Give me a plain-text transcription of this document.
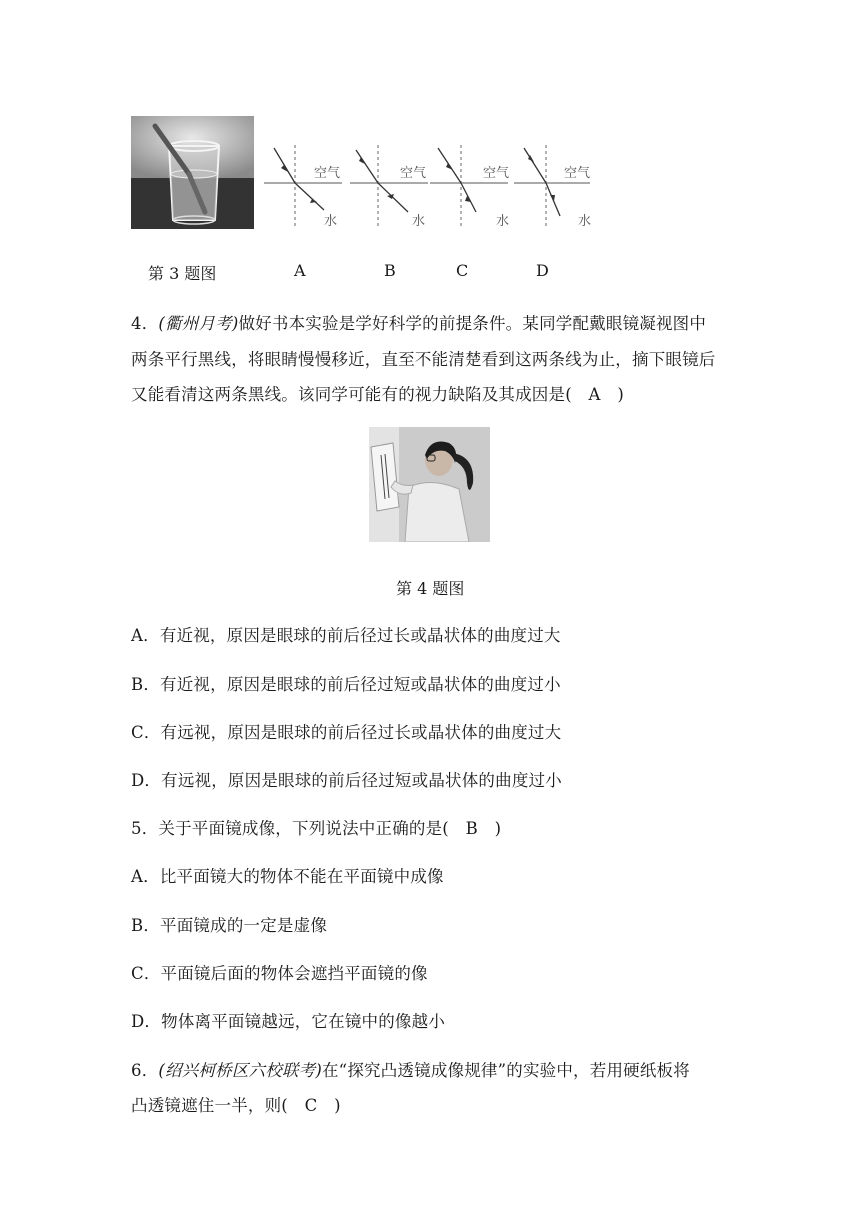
空气
水
空气
水
空气
水
空气
水
第 3 题图	A	B	C	D
4．(衢州月考)做好书本实验是学好科学的前提条件。某同学配戴眼镜凝视图中
两条平行黑线，将眼睛慢慢移近，直至不能清楚看到这两条线为止，摘下眼镜后
又能看清这两条黑线。该同学可能有的视力缺陷及其成因是(　A　)
第 4 题图
A．有近视，原因是眼球的前后径过长或晶状体的曲度过大
B．有近视，原因是眼球的前后径过短或晶状体的曲度过小
C．有远视，原因是眼球的前后径过长或晶状体的曲度过大
D．有远视，原因是眼球的前后径过短或晶状体的曲度过小
5．关于平面镜成像，下列说法中正确的是(　B　)
A．比平面镜大的物体不能在平面镜中成像
B．平面镜成的一定是虚像
C．平面镜后面的物体会遮挡平面镜的像
D．物体离平面镜越远，它在镜中的像越小
6．(绍兴柯桥区六校联考)在“探究凸透镜成像规律”的实验中，若用硬纸板将
凸透镜遮住一半，则(　C　)
